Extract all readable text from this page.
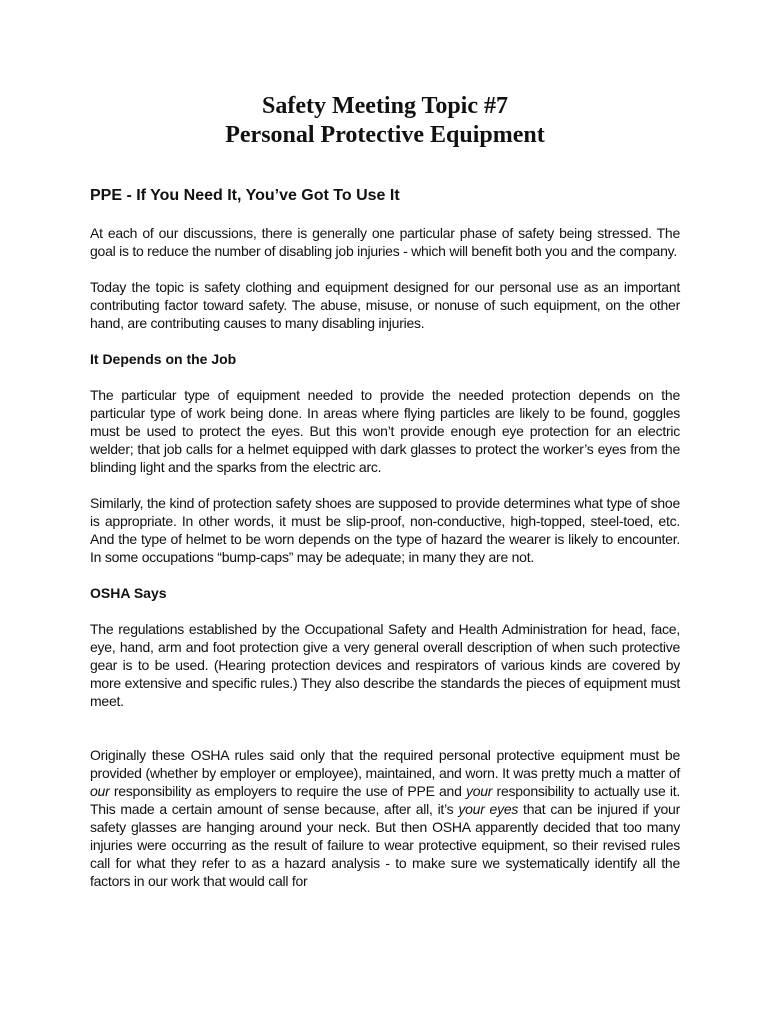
Safety Meeting Topic #7
Personal Protective Equipment
PPE - If You Need It, You’ve Got To Use It

At each of our discussions, there is generally one particular phase of safety being stressed. The goal is to reduce the number of disabling job injuries - which will benefit both you and the company.

Today the topic is safety clothing and equipment designed for our personal use as an important contributing factor toward safety. The abuse, misuse, or nonuse of such equipment, on the other hand, are contributing causes to many disabling injuries.

It Depends on the Job

The particular type of equipment needed to provide the needed protection depends on the particular type of work being done. In areas where flying particles are likely to be found, goggles must be used to protect the eyes. But this won’t provide enough eye protection for an electric welder; that job calls for a helmet equipped with dark glasses to protect the worker’s eyes from the blinding light and the sparks from the electric arc.

Similarly, the kind of protection safety shoes are supposed to provide determines what type of shoe is appropriate. In other words, it must be slip-proof, non-conductive, high-topped, steel-toed, etc. And the type of helmet to be worn depends on the type of hazard the wearer is likely to encounter. In some occupations “bump-caps” may be adequate; in many they are not.

OSHA Says

The regulations established by the Occupational Safety and Health Administration for head, face, eye, hand, arm and foot protection give a very general overall description of when such protective gear is to be used. (Hearing protection devices and respirators of various kinds are covered by more extensive and specific rules.) They also describe the standards the pieces of equipment must meet.

Originally these OSHA rules said only that the required personal protective equipment must be provided (whether by employer or employee), maintained, and worn. It was pretty much a matter of our responsibility as employers to require the use of PPE and your responsibility to actually use it. This made a certain amount of sense because, after all, it’s your eyes that can be injured if your safety glasses are hanging around your neck. But then OSHA apparently decided that too many injuries were occurring as the result of failure to wear protective equipment, so their revised rules call for what they refer to as a hazard analysis - to make sure we systematically identify all the factors in our work that would call for
